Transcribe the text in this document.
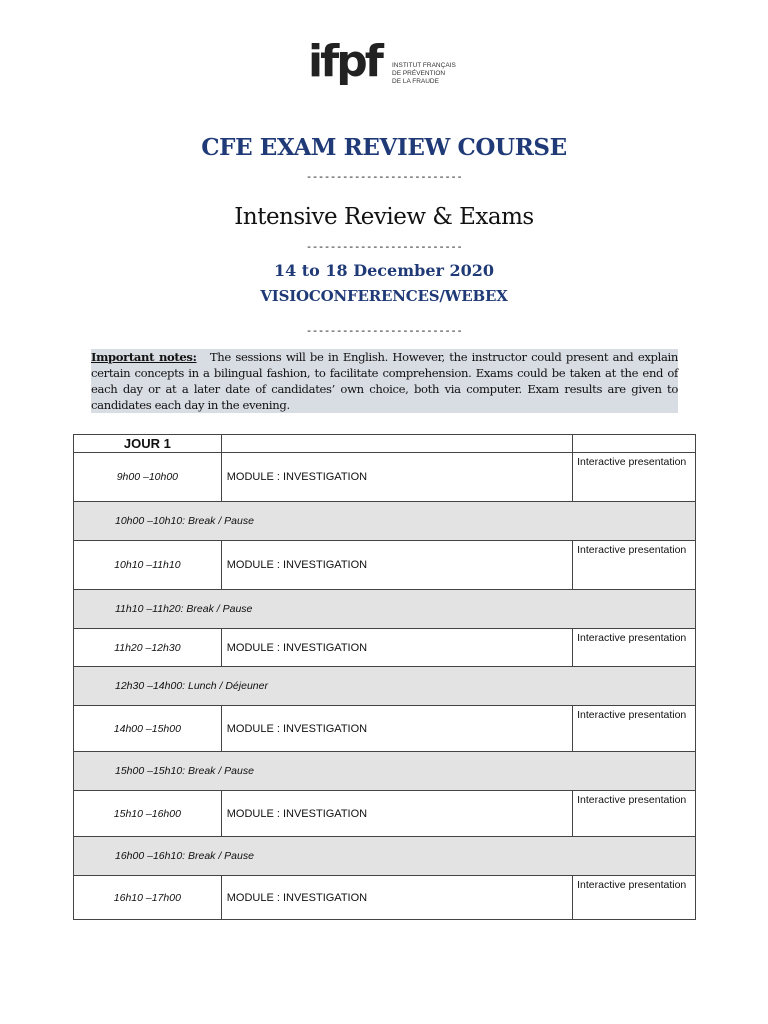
ifpf INSTITUT FRANÇAIS
DE PRÉVENTION
DE LA FRAUDE
CFE EXAM REVIEW COURSE
--------------------------
Intensive Review & Exams
--------------------------
14 to 18 December 2020
VISIOCONFERENCES/WEBEX
--------------------------

Important notes: The sessions will be in English. However, the instructor could present and explain certain concepts in a bilingual fashion, to facilitate comprehension. Exams could be taken at the end of each day or at a later date of candidates’ own choice, both via computer. Exam results are given to candidates each day in the evening.

JOUR 1		
9h00 –10h00	MODULE : INVESTIGATION	Interactive presentation
10h00 –10h10: Break / Pause		
10h10 –11h10	MODULE : INVESTIGATION	Interactive presentation
11h10 –11h20: Break / Pause		
11h20 –12h30	MODULE : INVESTIGATION	Interactive presentation
12h30 –14h00: Lunch / Déjeuner		
14h00 –15h00	MODULE : INVESTIGATION	Interactive presentation
15h00 –15h10: Break / Pause		
15h10 –16h00	MODULE : INVESTIGATION	Interactive presentation
16h00 –16h10: Break / Pause		
16h10 –17h00	MODULE : INVESTIGATION	Interactive presentation
